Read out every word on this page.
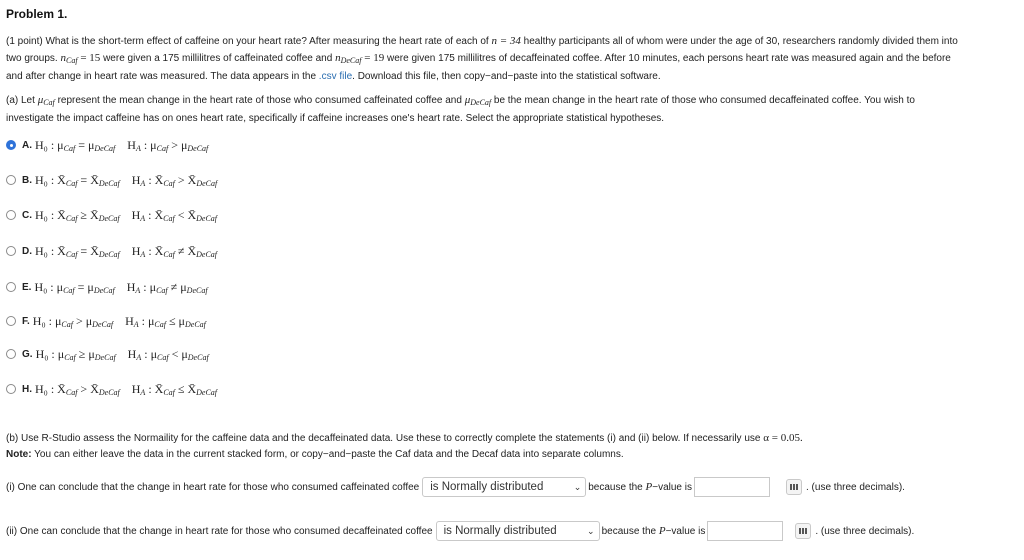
Problem 1.
(1 point) What is the short-term effect of caffeine on your heart rate? After measuring the heart rate of each of n = 34 healthy participants all of whom were under the age of 30, researchers randomly divided them into
two groups. $n_{Caf} = 15$ were given a 175 millilitres of caffeinated coffee and $n_{DeCaf} = 19$ were given 175 millilitres of decaffeinated coffee. After 10 minutes, each persons heart rate was measured again and the before
and after change in heart rate was measured. The data appears in the .csv file. Download this file, then copy−and−paste into the statistical software.
(a) Let $\mu_{Caf}$ represent the mean change in the heart rate of those who consumed caffeinated coffee and $\mu_{DeCaf}$ be the mean change in the heart rate of those who consumed decaffeinated coffee. You wish to
investigate the impact caffeine has on ones heart rate, specifically if caffeine increases one's heart rate. Select the appropriate statistical hypotheses.
A. H₀ : $\mu_{Caf} = \mu_{DeCaf}$ $H_A$ : $\mu_{Caf} > \mu_{DeCaf}$
B. H₀ : $X̄_{Caf}$ = $X̄_{DeCaf}$ $H_A$ : $X̄_{Caf}$ > $X̄_{DeCaf}$
C. H₀ : $X̄_{Caf}$ ≥ $X̄_{DeCaf}$ $H_A$ : $X̄_{Caf}$ < $X̄_{DeCaf}$
D. H₀ : $X̄_{Caf}$ = $X̄_{DeCaf}$ $H_A$ : $X̄_{Caf}$ ≠ $X̄_{DeCaf}$
E. H₀ : $\mu_{Caf} = \mu_{DeCaf}$ $H_A$ : $\mu_{Caf} \ne \mu_{DeCaf}$
F. H₀ : $\mu_{Caf} > \mu_{DeCaf}$ $H_A$ : $\mu_{Caf} \le \mu_{DeCaf}$
G. H₀ : $\mu_{Caf} \ge \mu_{DeCaf}$ $H_A$ : $\mu_{Caf} < \mu_{DeCaf}$
H. H₀ : $X̄_{Caf}$ > $X̄_{DeCaf}$ $H_A$ : $X̄_{Caf}$ ≤ $X̄_{DeCaf}$
(b) Use R-Studio assess the Normaility for the caffeine data and the decaffeinated data. Use these to correctly complete the statements (i) and (ii) below. If necessarily use α = 0.05.
Note: You can either leave the data in the current stacked form, or copy−and−paste the Caf data and the Decaf data into separate columns.
(i) One can conclude that the change in heart rate for those who consumed caffeinated coffee is Normally distributed	⌄ because the
P −value is	. (use three decimals).
(ii) One can conclude that the change in heart rate for those who consumed decaffeinated coffee is Normally distributed	⌄ because the
P −value is	. (use three decimals).
